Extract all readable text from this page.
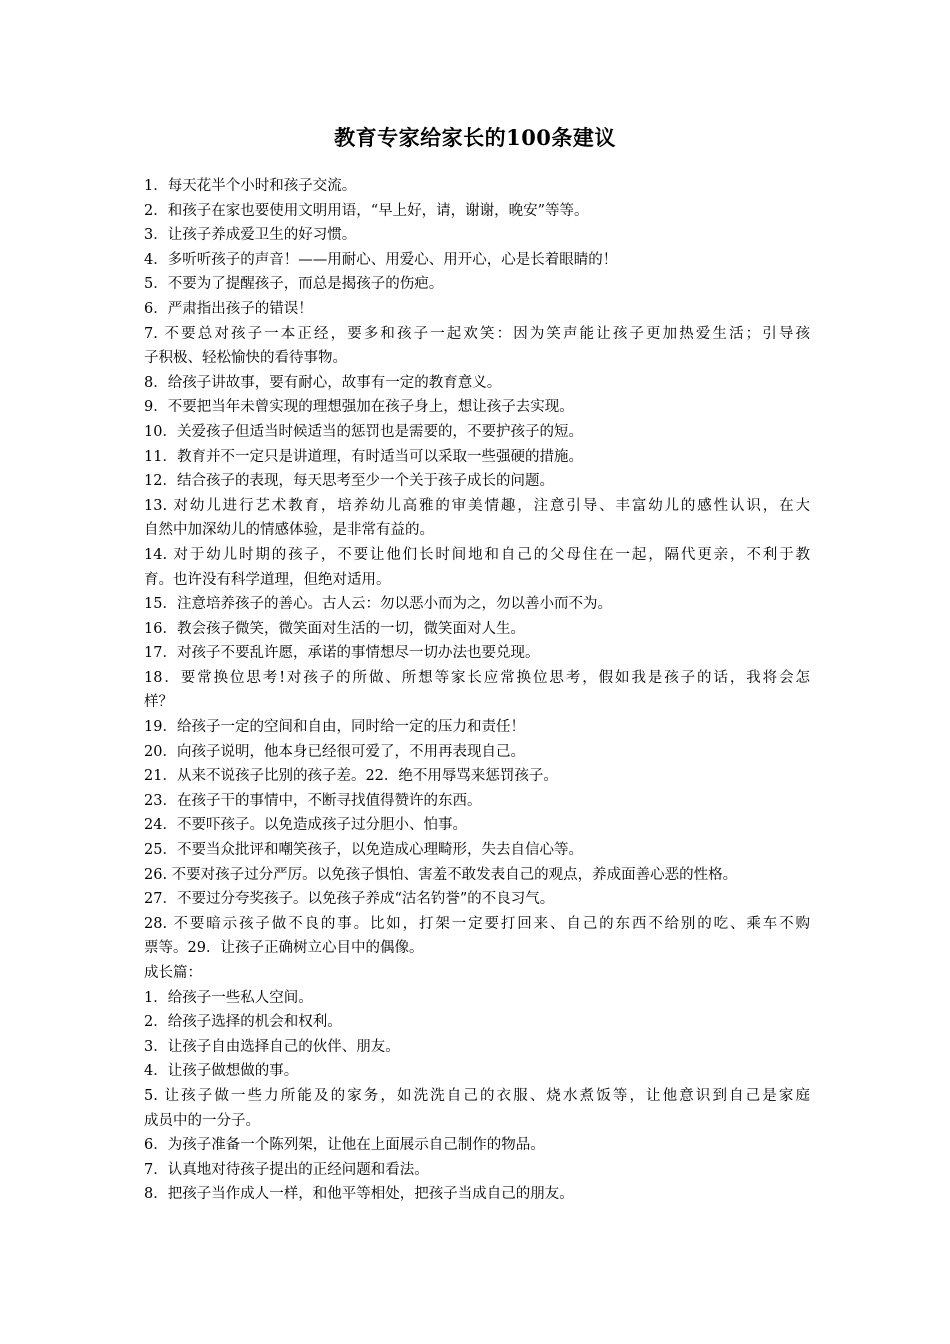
教育专家给家长的100条建议
1．每天花半个小时和孩子交流。
2．和孩子在家也要使用文明用语，“早上好，请，谢谢，晚安”等等。
3．让孩子养成爱卫生的好习惯。
4．多听听孩子的声音！——用耐心、用爱心、用开心，心是长着眼睛的！
5．不要为了提醒孩子，而总是揭孩子的伤疤。
6．严肃指出孩子的错误！
7. 不要总对孩子一本正经，要多和孩子一起欢笑：因为笑声能让孩子更加热爱生活；引导孩
子积极、轻松愉快的看待事物。
8．给孩子讲故事，要有耐心，故事有一定的教育意义。
9．不要把当年未曾实现的理想强加在孩子身上，想让孩子去实现。
10．关爱孩子但适当时候适当的惩罚也是需要的，不要护孩子的短。
11．教育并不一定只是讲道理，有时适当可以采取一些强硬的措施。
12．结合孩子的表现，每天思考至少一个关于孩子成长的问题。
13. 对幼儿进行艺术教育，培养幼儿高雅的审美情趣，注意引导、丰富幼儿的感性认识，在大
自然中加深幼儿的情感体验，是非常有益的。
14. 对于幼儿时期的孩子，不要让他们长时间地和自己的父母住在一起，隔代更亲，不利于教
育。也许没有科学道理，但绝对适用。
15．注意培养孩子的善心。古人云：勿以恶小而为之，勿以善小而不为。
16．教会孩子微笑，微笑面对生活的一切，微笑面对人生。
17．对孩子不要乱许愿，承诺的事情想尽一切办法也要兑现。
18．要常换位思考!对孩子的所做、所想等家长应常换位思考，假如我是孩子的话，我将会怎
样？
19．给孩子一定的空间和自由，同时给一定的压力和责任！
20．向孩子说明，他本身已经很可爱了，不用再表现自己。
21．从来不说孩子比别的孩子差。22．绝不用辱骂来惩罚孩子。
23．在孩子干的事情中，不断寻找值得赞许的东西。
24．不要吓孩子。以免造成孩子过分胆小、怕事。
25．不要当众批评和嘲笑孩子，以免造成心理畸形，失去自信心等。
26. 不要对孩子过分严厉。以免孩子惧怕、害羞不敢发表自己的观点，养成面善心恶的性格。
27．不要过分夸奖孩子。以免孩子养成“沽名钓誉”的不良习气。
28. 不要暗示孩子做不良的事。比如，打架一定要打回来、自己的东西不给别的吃、乘车不购
票等。29．让孩子正确树立心目中的偶像。
成长篇：
1．给孩子一些私人空间。
2．给孩子选择的机会和权利。
3．让孩子自由选择自己的伙伴、朋友。
4．让孩子做想做的事。
5. 让孩子做一些力所能及的家务，如洗洗自己的衣服、烧水煮饭等，让他意识到自己是家庭
成员中的一分子。
6．为孩子准备一个陈列架，让他在上面展示自己制作的物品。
7．认真地对待孩子提出的正经问题和看法。
8．把孩子当作成人一样，和他平等相处，把孩子当成自己的朋友。
